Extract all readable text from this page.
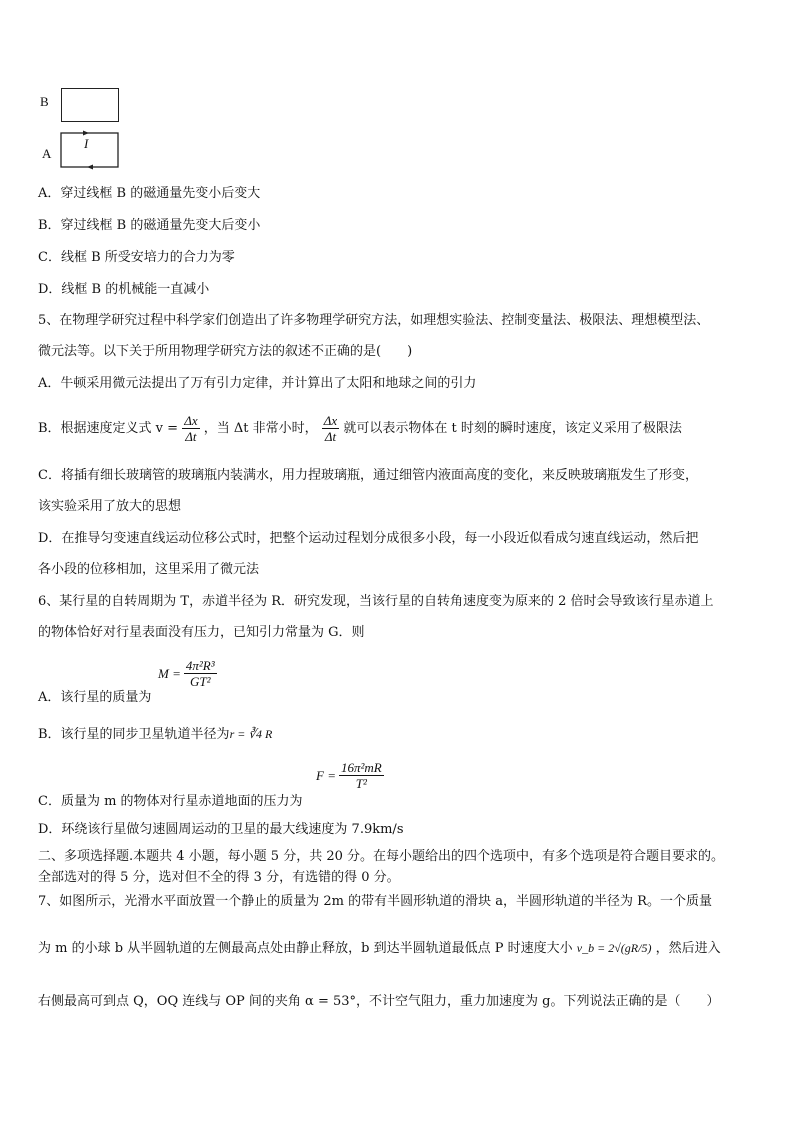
B
A
I
A．穿过线框 B 的磁通量先变小后变大
B．穿过线框 B 的磁通量先变大后变小
C．线框 B 所受安培力的合力为零
D．线框 B 的机械能一直减小
5、在物理学研究过程中科学家们创造出了许多物理学研究方法，如理想实验法、控制变量法、极限法、理想模型法、
微元法等。以下关于所用物理学研究方法的叙述不正确的是(　　)
A．牛顿采用微元法提出了万有引力定律，并计算出了太阳和地球之间的引力
B．根据速度定义式 $v = \frac{\Delta x}{\Delta t}$ ，当 Δt 非常小时， $\frac{\Delta x}{\Delta t}$ 就可以表示物体在 t 时刻的瞬时速度，该定义采用了极限法
C．将插有细长玻璃管的玻璃瓶内装满水，用力捏玻璃瓶，通过细管内液面高度的变化，来反映玻璃瓶发生了形变，
该实验采用了放大的思想
D．在推导匀变速直线运动位移公式时，把整个运动过程划分成很多小段，每一小段近似看成匀速直线运动，然后把
各小段的位移相加，这里采用了微元法
6、某行星的自转周期为 T，赤道半径为 R．研究发现，当该行星的自转角速度变为原来的 2 倍时会导致该行星赤道上
的物体恰好对行星表面没有压力，已知引力常量为 G．则
A．该行星的质量为
$M = \frac{\text{4π²R³}}{\text{GT²}}$
B．该行星的同步卫星轨道半径为r = ∛4 R
C．质量为 m 的物体对行星赤道地面的压力为
$F = \frac{\text{16π²mR}}{\text{T²}}$
D．环绕该行星做匀速圆周运动的卫星的最大线速度为 7.9km/s
二、多项选择题.本题共 4 小题，每小题 5 分，共 20 分。在每小题给出的四个选项中，有多个选项是符合题目要求的。
全部选对的得 5 分，选对但不全的得 3 分，有选错的得 0 分。
7、如图所示，光滑水平面放置一个静止的质量为 2m 的带有半圆形轨道的滑块 a，半圆形轨道的半径为 R。一个质量
为 m 的小球 b 从半圆轨道的左侧最高点处由静止释放，b 到达半圆轨道最低点 P 时速度大小 v_b = 2√(gR/5) ，然后进入
右侧最高可到点 Q，OQ 连线与 OP 间的夹角 α = 53°，不计空气阻力，重力加速度为 g。下列说法正确的是（　　）
